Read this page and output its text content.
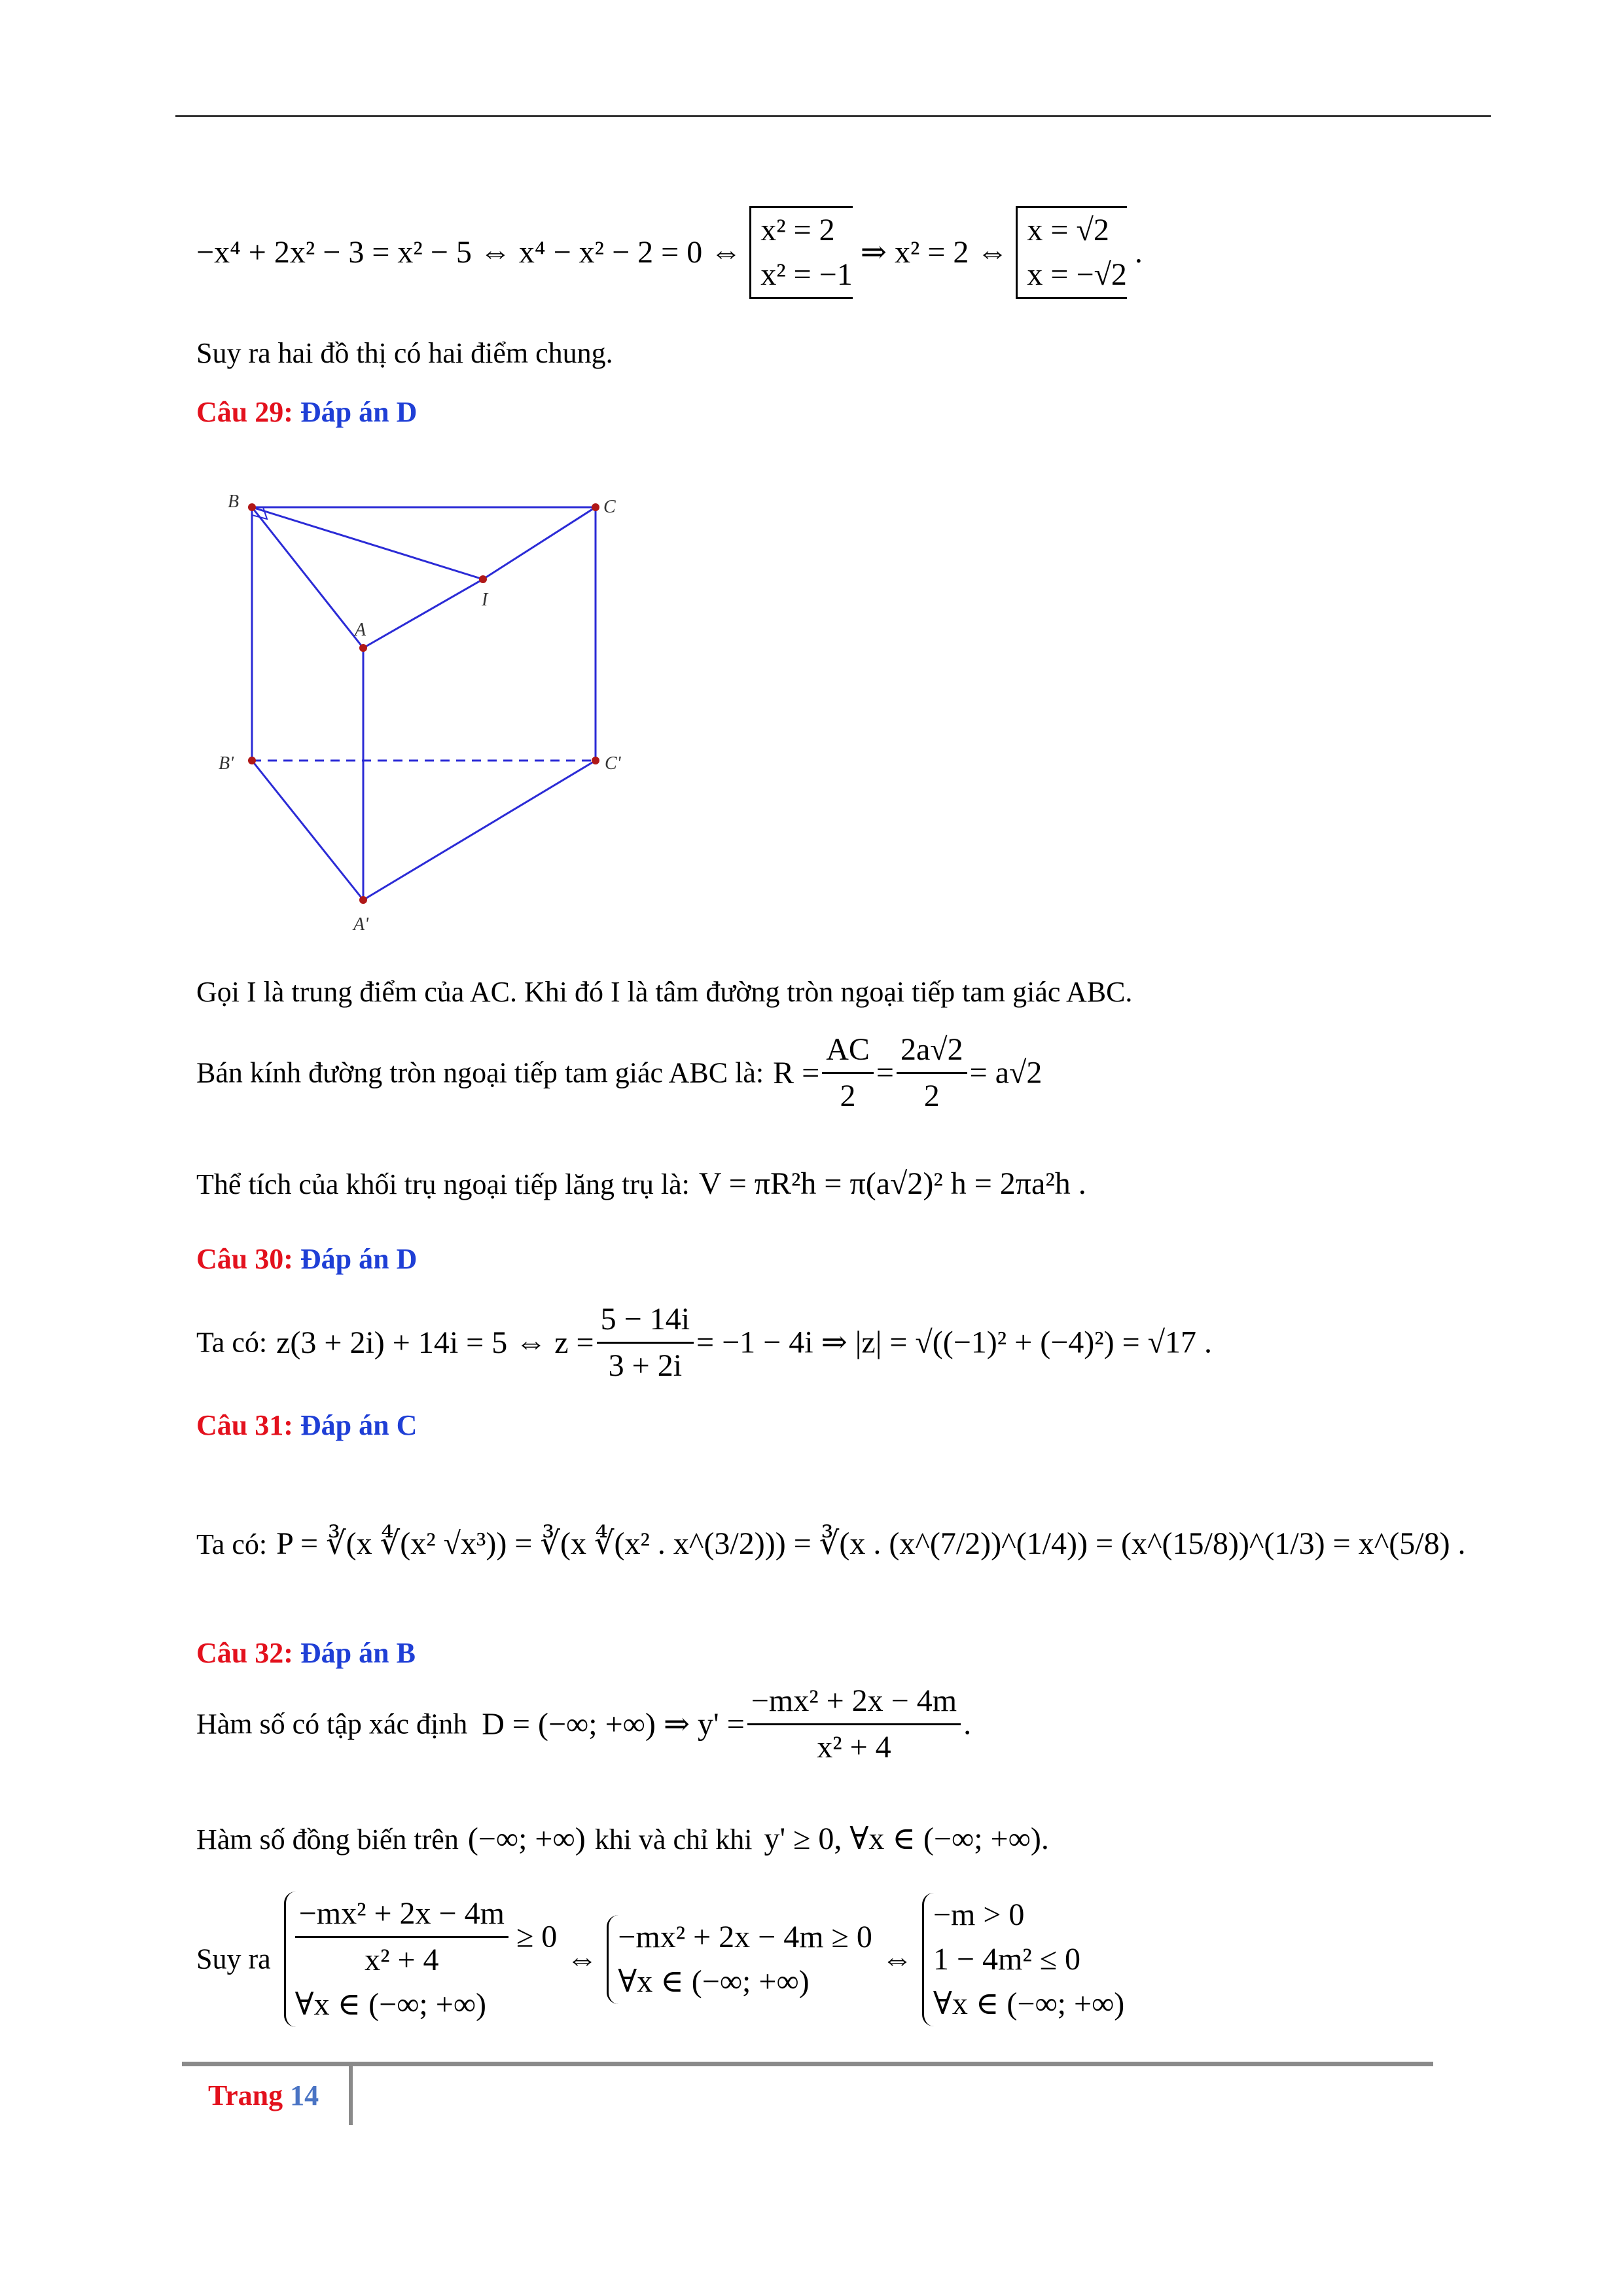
−x⁴ + 2x² − 3 = x² − 5 ⇔ x⁴ − x² − 2 = 0 ⇔
x² = 2
x² = −1
⇒ x² = 2 ⇔
x = √2
x = −√2
.
Suy ra hai đồ thị có hai điểm chung.
Câu 29: Đáp án D
B	C
I
A
B'	C'
A'
Gọi I là trung điểm của AC. Khi đó I là tâm đường tròn ngoại tiếp tam giác ABC.
Bán kính đường tròn ngoại tiếp tam giác ABC là: $R = \frac{AC}{2} = \frac{2a√2}{2} = a√2$
Thể tích của khối trụ ngoại tiếp lăng trụ là: V = πR²h = π(a√2)² h = 2πa²h .
Câu 30: Đáp án D
Ta có: z(3 + 2i) + 14i = 5 ⇔ $z = \frac{5 - 14i}{3 + 2i} = -1 - 4i$ ⇒ |z| = √((−1)² + (−4)²) = √17 .
Câu 31: Đáp án C
Ta có: P = ∛(x ∜(x² √x³)) = ∛(x ∜(x² . x^(3/2))) = ∛(x . (x^(7/2))^(1/4)) = (x^(15/8))^(1/3) = x^(5/8) .
Câu 32: Đáp án B
Hàm số có tập xác định D = (−∞; +∞) ⇒ $y' = \frac{\text{−mx² + 2x − 4m}}{\text{x² + 4}}$ .
Hàm số đồng biến trên (−∞; +∞) khi và chỉ khi y' ≥ 0, ∀x ∈ (−∞; +∞).
Suy ra $\frac{\text{−mx² + 2x − 4m}}{\text{x² + 4}} \ge 0$
∀x ∈ (−∞; +∞)
⇔
−mx² + 2x − 4m ≥ 0
∀x ∈ (−∞; +∞)
⇔
−m > 0
1 − 4m² ≤ 0
∀x ∈ (−∞; +∞)
Trang 14
